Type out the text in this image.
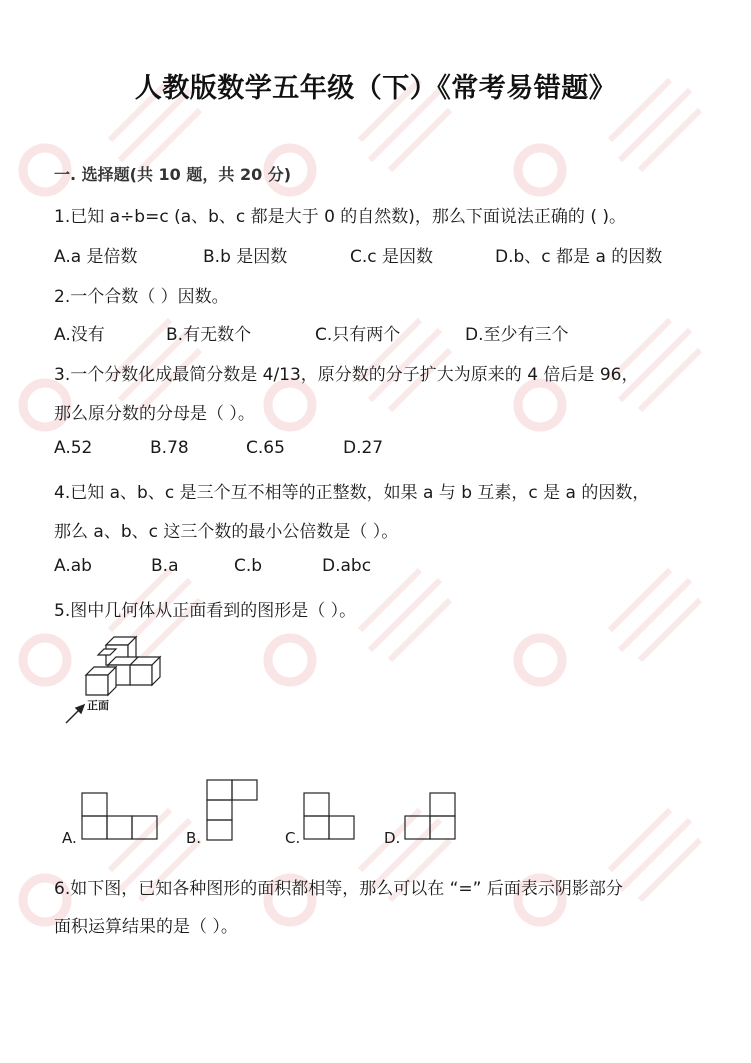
人教版数学五年级（下）《常考易错题》
一. 选择题(共 10 题，共 20 分)
1.已知 a÷b=c (a、b、c 都是大于 0 的自然数)，那么下面说法正确的 ( )。
A.a 是倍数	B.b 是因数	C.c 是因数	D.b、c 都是 a 的因数
2.一个合数（ ）因数。
A.没有	B.有无数个	C.只有两个	D.至少有三个
3.一个分数化成最简分数是 4/13，原分数的分子扩大为原来的 4 倍后是 96，
那么原分数的分母是（ ）。
A.52	B.78	C.65	D.27
4.已知 a、b、c 是三个互不相等的正整数，如果 a 与 b 互素，c 是 a 的因数，
那么 a、b、c 这三个数的最小公倍数是（ ）。
A.ab	B.a	C.b	D.abc
5.图中几何体从正面看到的图形是（ ）。
正面
A.	B.	C.	D.
6.如下图，已知各种图形的面积都相等，那么可以在 “=” 后面表示阴影部分
面积运算结果的是（ ）。
